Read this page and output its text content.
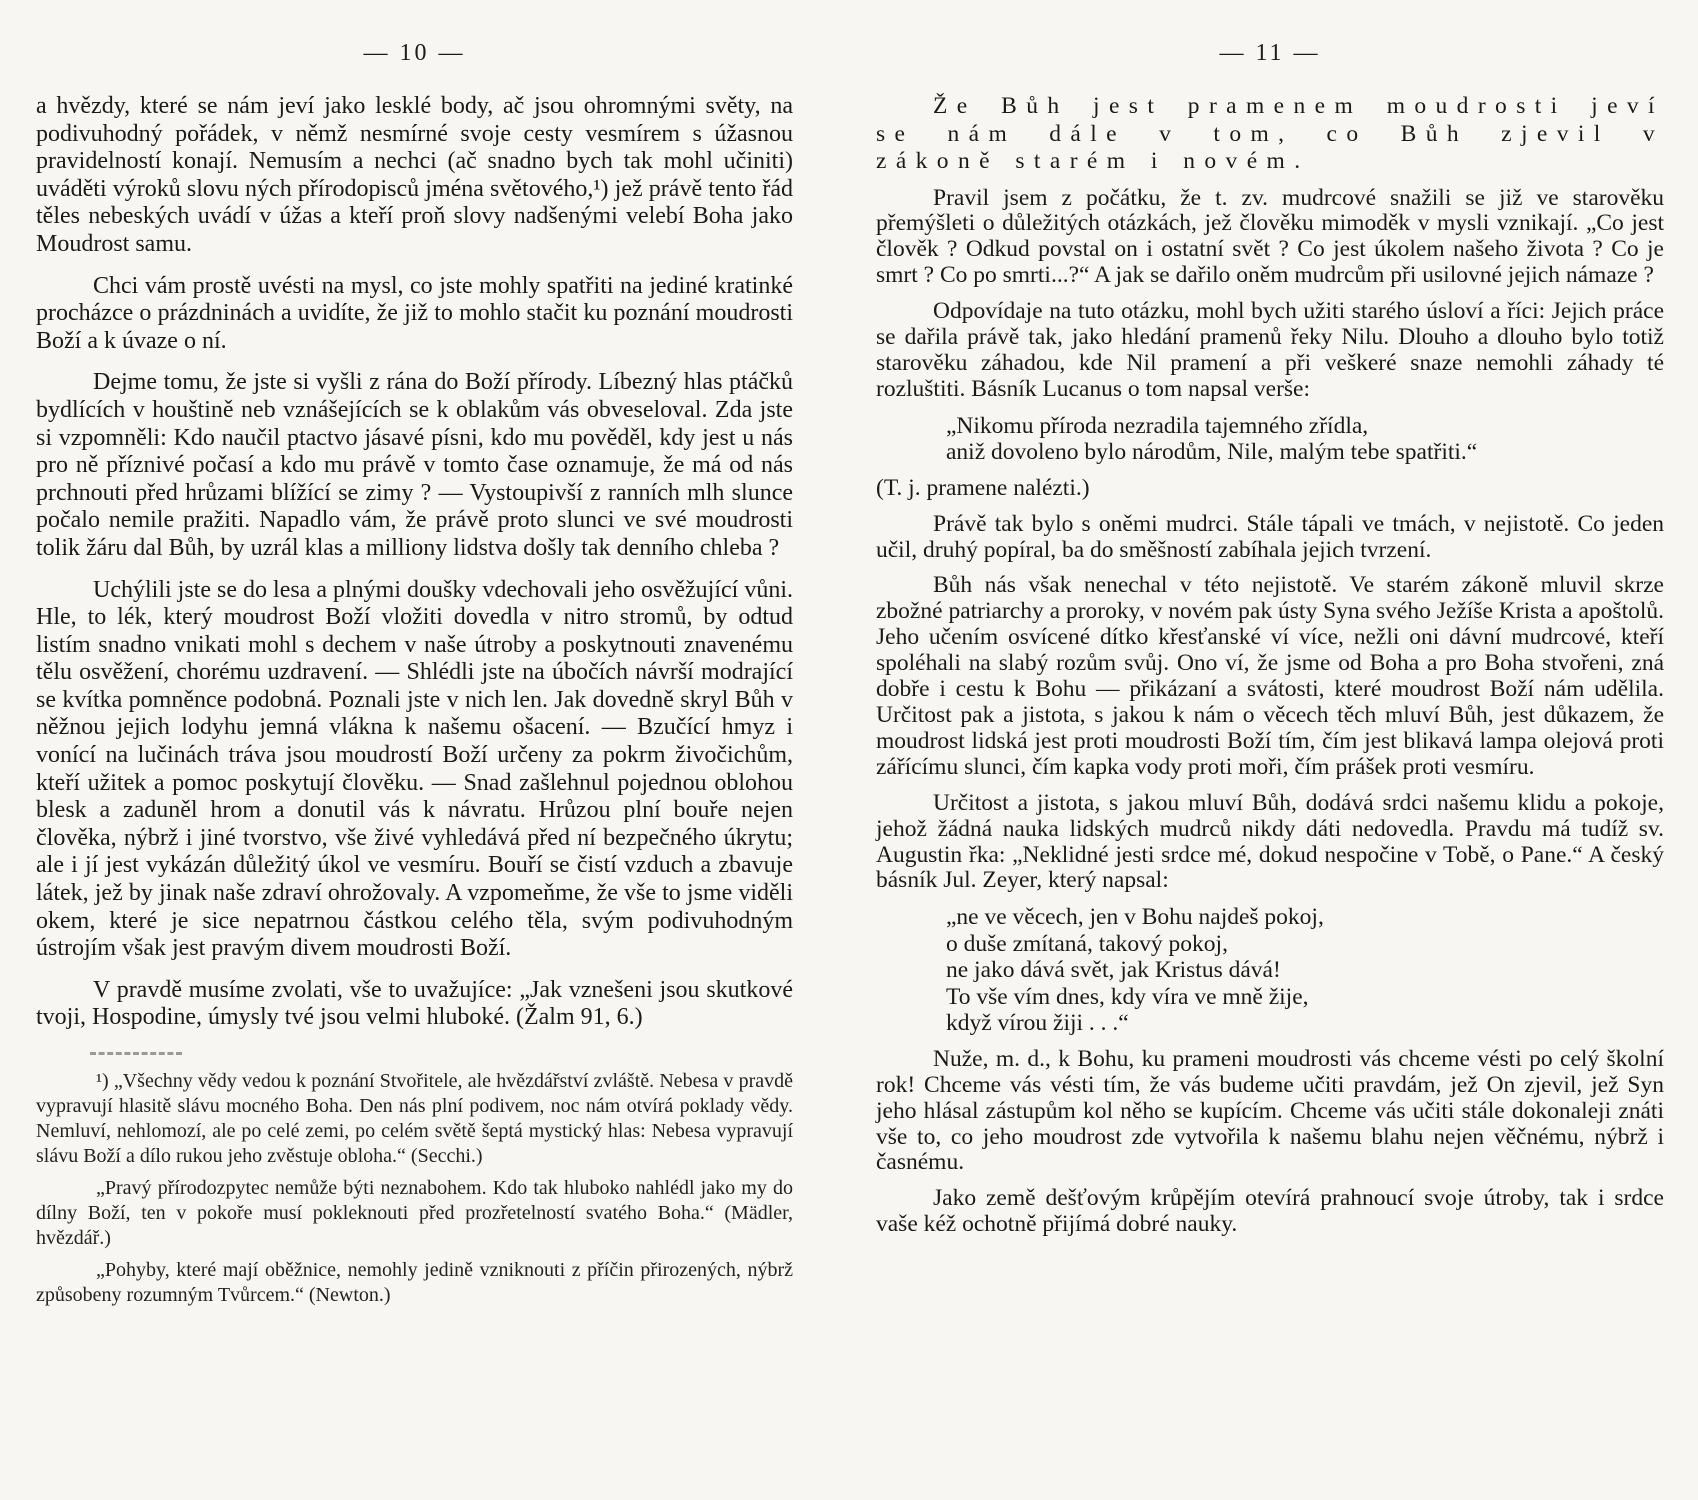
— 10 —

a hvězdy, které se nám jeví jako lesklé body, ač jsou ohromnými světy, na podivuhodný pořádek, v němž nesmírné svoje cesty vesmírem s úžasnou pravidelností konají. Nemusím a nechci (ač snadno bych tak mohl učiniti) uváděti výroků slovu ných přírodopisců jména světového,¹) jež právě tento řád těles nebeských uvádí v úžas a kteří proň slovy nadšenými velebí Boha jako Moudrost samu.

Chci vám prostě uvésti na mysl, co jste mohly spatřiti na jediné kratinké procházce o prázdninách a uvidíte, že již to mohlo stačit ku poznání moudrosti Boží a k úvaze o ní.

Dejme tomu, že jste si vyšli z rána do Boží přírody. Líbezný hlas ptáčků bydlících v houštině neb vznášejících se k oblakům vás obveseloval. Zda jste si vzpomněli: Kdo naučil ptactvo jásavé písni, kdo mu pověděl, kdy jest u nás pro ně příznivé počasí a kdo mu právě v tomto čase oznamuje, že má od nás prchnouti před hrůzami blížící se zimy ? — Vystoupivší z ranních mlh slunce počalo nemile pražiti. Napadlo vám, že právě proto slunci ve své moudrosti tolik žáru dal Bůh, by uzrál klas a milliony lidstva došly tak denního chleba ?

Uchýlili jste se do lesa a plnými doušky vdechovali jeho osvěžující vůni. Hle, to lék, který moudrost Boží vložiti dovedla v nitro stromů, by odtud listím snadno vnikati mohl s dechem v naše útroby a poskytnouti znavenému tělu osvěžení, chorému uzdravení. — Shlédli jste na úbočích návrší modrající se kvítka pomněnce podobná. Poznali jste v nich len. Jak dovedně skryl Bůh v něžnou jejich lodyhu jemná vlákna k našemu ošacení. — Bzučící hmyz i vonící na lučinách tráva jsou moudrostí Boží určeny za pokrm živočichům, kteří užitek a pomoc poskytují člověku. — Snad zašlehnul pojednou oblohou blesk a zaduněl hrom a donutil vás k návratu. Hrůzou plní bouře nejen člověka, nýbrž i jiné tvorstvo, vše živé vyhledává před ní bezpečného úkrytu; ale i jí jest vykázán důležitý úkol ve vesmíru. Bouří se čistí vzduch a zbavuje látek, jež by jinak naše zdraví ohrožovaly. A vzpomeňme, že vše to jsme viděli okem, které je sice nepatrnou částkou celého těla, svým podivuhodným ústrojím však jest pravým divem moudrosti Boží.

V pravdě musíme zvolati, vše to uvažujíce: „Jak vznešeni jsou skutkové tvoji, Hospodine, úmysly tvé jsou velmi hluboké. (Žalm 91, 6.)

¹) „Všechny vědy vedou k poznání Stvořitele, ale hvězdářství zvláště. Nebesa v pravdě vypravují hlasitě slávu mocného Boha. Den nás plní podivem, noc nám otvírá poklady vědy. Nemluví, nehlomozí, ale po celé zemi, po celém světě šeptá mystický hlas: Nebesa vypravují slávu Boží a dílo rukou jeho zvěstuje obloha.“ (Secchi.)

„Pravý přírodozpytec nemůže býti neznabohem. Kdo tak hluboko nahlédl jako my do dílny Boží, ten v pokoře musí pokleknouti před prozřetelností svatého Boha.“ (Mädler, hvězdář.)

„Pohyby, které mají oběžnice, nemohly jedině vzniknouti z příčin přirozených, nýbrž způsobeny rozumným Tvůrcem.“ (Newton.)

— 11 —

Že Bůh jest pramenem moudrosti jeví se nám dále v tom, co Bůh zjevil v zákoně starém i novém.

Pravil jsem z počátku, že t. zv. mudrcové snažili se již ve starověku přemýšleti o důležitých otázkách, jež člověku mimoděk v mysli vznikají. „Co jest člověk ? Odkud povstal on i ostatní svět ? Co jest úkolem našeho života ? Co je smrt ? Co po smrti...?“ A jak se dařilo oněm mudrcům při usilovné jejich námaze ?

Odpovídaje na tuto otázku, mohl bych užiti starého úsloví a říci: Jejich práce se dařila právě tak, jako hledání pramenů řeky Nilu. Dlouho a dlouho bylo totiž starověku záhadou, kde Nil pramení a při veškeré snaze nemohli záhady té rozluštiti. Básník Lucanus o tom napsal verše:

„Nikomu příroda nezradila tajemného zřídla,
aniž dovoleno bylo národům, Nile, malým tebe spatřiti.“

(T. j. pramene nalézti.)

Právě tak bylo s oněmi mudrci. Stále tápali ve tmách, v nejistotě. Co jeden učil, druhý popíral, ba do směšností zabíhala jejich tvrzení.

Bůh nás však nenechal v této nejistotě. Ve starém zákoně mluvil skrze zbožné patriarchy a proroky, v novém pak ústy Syna svého Ježíše Krista a apoštolů. Jeho učením osvícené dítko křesťanské ví více, nežli oni dávní mudrcové, kteří spoléhali na slabý rozům svůj. Ono ví, že jsme od Boha a pro Boha stvořeni, zná dobře i cestu k Bohu — přikázaní a svátosti, které moudrost Boží nám udělila. Určitost pak a jistota, s jakou k nám o věcech těch mluví Bůh, jest důkazem, že moudrost lidská jest proti moudrosti Boží tím, čím jest blikavá lampa olejová proti zářícímu slunci, čím kapka vody proti moři, čím prášek proti vesmíru.

Určitost a jistota, s jakou mluví Bůh, dodává srdci našemu klidu a pokoje, jehož žádná nauka lidských mudrců nikdy dáti nedovedla. Pravdu má tudíž sv. Augustin řka: „Neklidné jesti srdce mé, dokud nespočine v Tobě, o Pane.“ A český básník Jul. Zeyer, který napsal:

„ne ve věcech, jen v Bohu najdeš pokoj,
o duše zmítaná, takový pokoj,
ne jako dává svět, jak Kristus dává!
To vše vím dnes, kdy víra ve mně žije,
když vírou žiji . . .“

Nuže, m. d., k Bohu, ku prameni moudrosti vás chceme vésti po celý školní rok! Chceme vás vésti tím, že vás budeme učiti pravdám, jež On zjevil, jež Syn jeho hlásal zástupům kol něho se kupícím. Chceme vás učiti stále dokonaleji znáti vše to, co jeho moudrost zde vytvořila k našemu blahu nejen věčnému, nýbrž i časnému.

Jako země dešťovým krůpějím otevírá prahnoucí svoje útroby, tak i srdce vaše kéž ochotně přijímá dobré nauky.
